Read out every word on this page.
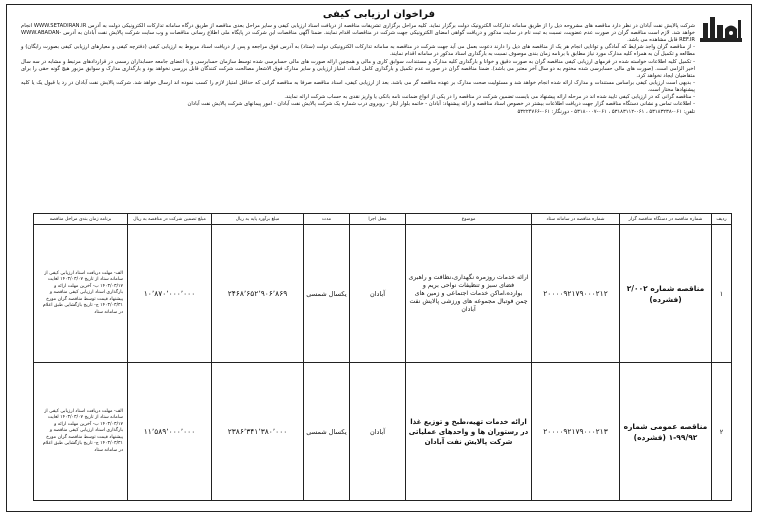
فراخوان ارزیابی کیفی

شرکت پالایش نفت آبادان در نظر دارد مناقصه های مشروحه ذیل را از طریق سامانه تدارکات الکترونیک دولت برگزار نماید. کلیه مراحل برگزاری تشریفات مناقصه از دریافت اسناد ارزیابی کیفی و سایر مراحل بعدی مناقصه از طریق درگاه سامانه تدارکات الکترونیکی دولت به آدرس WWW.SETADIRAN.IR انجام خواهد شد. لازم است مناقصه گران در صورت عدم عضویت، نسبت به ثبت نام در سایت مذکور و دریافت گواهی امضای الکترونیکی جهت شرکت در مناقصات اقدام نمایند. ضمنا آگهی مناقصات این شرکت در پایگاه ملی اطلاع رسانی مناقصات و وب سایت شرکت پالایش نفت آبادان به آدرس WWW.ABADAN-REF.IR قابل مشاهده می باشد.

- از مناقصه گران واجد شرایط که آمادگی و توانایی انجام هر یک از مناقصه های ذیل را دارند دعوت بعمل می آید جهت شرکت در مناقصه به سامانه تدارکات الکترونیکی دولت (ستاد) به آدرس فوق مراجعه و پس از دریافت اسناد مربوط به ارزیابی کیفی (دفترچه کیفی و معیارهای ارزیابی کیفی بصورت رایگان) و مطالعه و تکمیل آن به همراه کلیه مدارک مورد نیاز مطابق با برنامه زمان بندی موصوف نسبت به بارگذاری اسناد مذکور در سامانه اقدام نمایند.

- تکمیل کلیه اطلاعات خواسته شده در فرمهای ارزیابی کیفی مناقصه گران به صورت دقیق و خوانا و بارگذاری کلیه مدارک و مستندات، سوابق کاری و مالی و همچنین ارائه صورت های مالی حسابرسی شده توسط سازمان حسابرسی و یا اعضای جامعه حسابداران رسمی در قراردادهای مرتبط و مشابه در سه سال اخیر الزامی است. (صورت های مالی حسابرسی شده مختوم به دو سال آخر معتبر می باشد). ضمنا مناقصه گران در صورت عدم تکمیل و بارگذاری کامل اسناد، امتیاز ارزیابی و سایر مدارک فوق الاشعار مصالحت شرکت کنندگان قابل بررسی نخواهد بود و بارگذاری مدارک و سوابق مزبور هیچ گونه حقی را برای متقاضیان ایجاد نخواهد کرد.

- بدیهی است ارزیابی کیفی براساس مستندات و مدارک ارائه شده انجام خواهد شد و مسئولیت صحت مدارک بر عهده مناقصه گر می باشد. بعد از ارزیابی کیفی، اسناد مناقصه صرفا به مناقصه گرانی که حداقل امتیاز لازم را کسب نموده اند ارسال خواهد شد. شرکت پالایش نفت آبادان در رد یا قبول یک یا کلیه پیشنهادها مختار است.

- مناقصه گرانی که در ارزیابی کیفی تایید شده اند در مرحله ارائه پیشنهاد می بایست تضمین شرکت در مناقصه را در یکی از انواع ضمانت نامه بانکی یا واریز نقدی به حساب شرکت ارائه نمایند.

- اطلاعات تماس و نشانی دستگاه مناقصه گزار جهت دریافت اطلاعات بیشتر در خصوص اسناد مناقصه و ارائه پیشنهاد: آبادان - خاتمه بلوار ایثار - روبروی درب شماره یک شرکت پالایش نفت آبادان - امور پیمانهای شرکت پالایش نفت آبادان

تلفن: ۰۶۱-۵۳۱۸۳۲۳۸ ، ۰۶۱-۵۳۱۸۳۱۱۲ ، ۰۶۱-۵۳۱۸۰۰۰۷ - دورنگار: ۰۶۱-۵۳۲۲۴۷۶۶

ردیف	شماره مناقصه در دستگاه مناقصه گزار	شماره مناقصه در سامانه ستاد	موضوع	محل اجرا	مدت	مبلغ برآورد پایه به ریال	مبلغ تضمین شرکت در مناقصه به ریال	برنامه زمان بندی مراحل مناقصه
۱	مناقصه شماره ۲/۰۰۲ (فشرده)	۲۰۰۰۰۹۲۱۷۹۰۰۰۲۱۲	ارائه خدمات روزمره نگهداری،نظافت و راهبری فضای سبز و تنظیفات نواحی بریم و بوارده،اماکن خدمات اجتماعی و زمین های چمن فوتبال مجموعه های ورزشی پالایش نفت آبادان	آبادان	یکسال شمسی	۲۴۶۸٬۶۵۲٬۹۰۶٬۸۶۹	۱۰٬۸۷۰٬۰۰۰٬۰۰۰	الف- مهلت دریافت اسناد ارزیابی کیفی از سامانه ستاد از تاریخ ۱۴۰۳/۰۳/۰۷ لغایت ۱۴۰۳/۰۳/۱۷ ب- آخرین مهلت ارائه و بارگذاری اسناد ارزیابی کیفی مناقصه و پیشنهاد قیمت توسط مناقصه گران مورخ ۱۴۰۳/۰۳/۳۱ ج- تاریخ بازگشایی طبق اعلام در سامانه ستاد
۲	مناقصه عمومی شماره ۹۹/۹۲-۱ (فشرده)	۲۰۰۰۰۹۲۱۷۹۰۰۰۲۱۳	ارائه خدمات تهیه،طبخ و توزیع غذا در رستوران ها و واحدهای عملیاتی شرکت پالایش نفت آبادان	آبادان	یکسال شمسی	۲۳۸۶٬۳۴۱٬۳۸۰٬۰۰۰	۱۱٬۵۸۹٬۰۰۰٬۰۰۰	الف- مهلت دریافت اسناد ارزیابی کیفی از سامانه ستاد از تاریخ ۱۴۰۳/۰۳/۰۷ لغایت ۱۴۰۳/۰۳/۱۷ ب- آخرین مهلت ارائه و بارگذاری اسناد ارزیابی کیفی مناقصه و پیشنهاد قیمت توسط مناقصه گران مورخ ۱۴۰۳/۰۳/۳۱ ج- تاریخ بازگشایی طبق اعلام در سامانه ستاد
